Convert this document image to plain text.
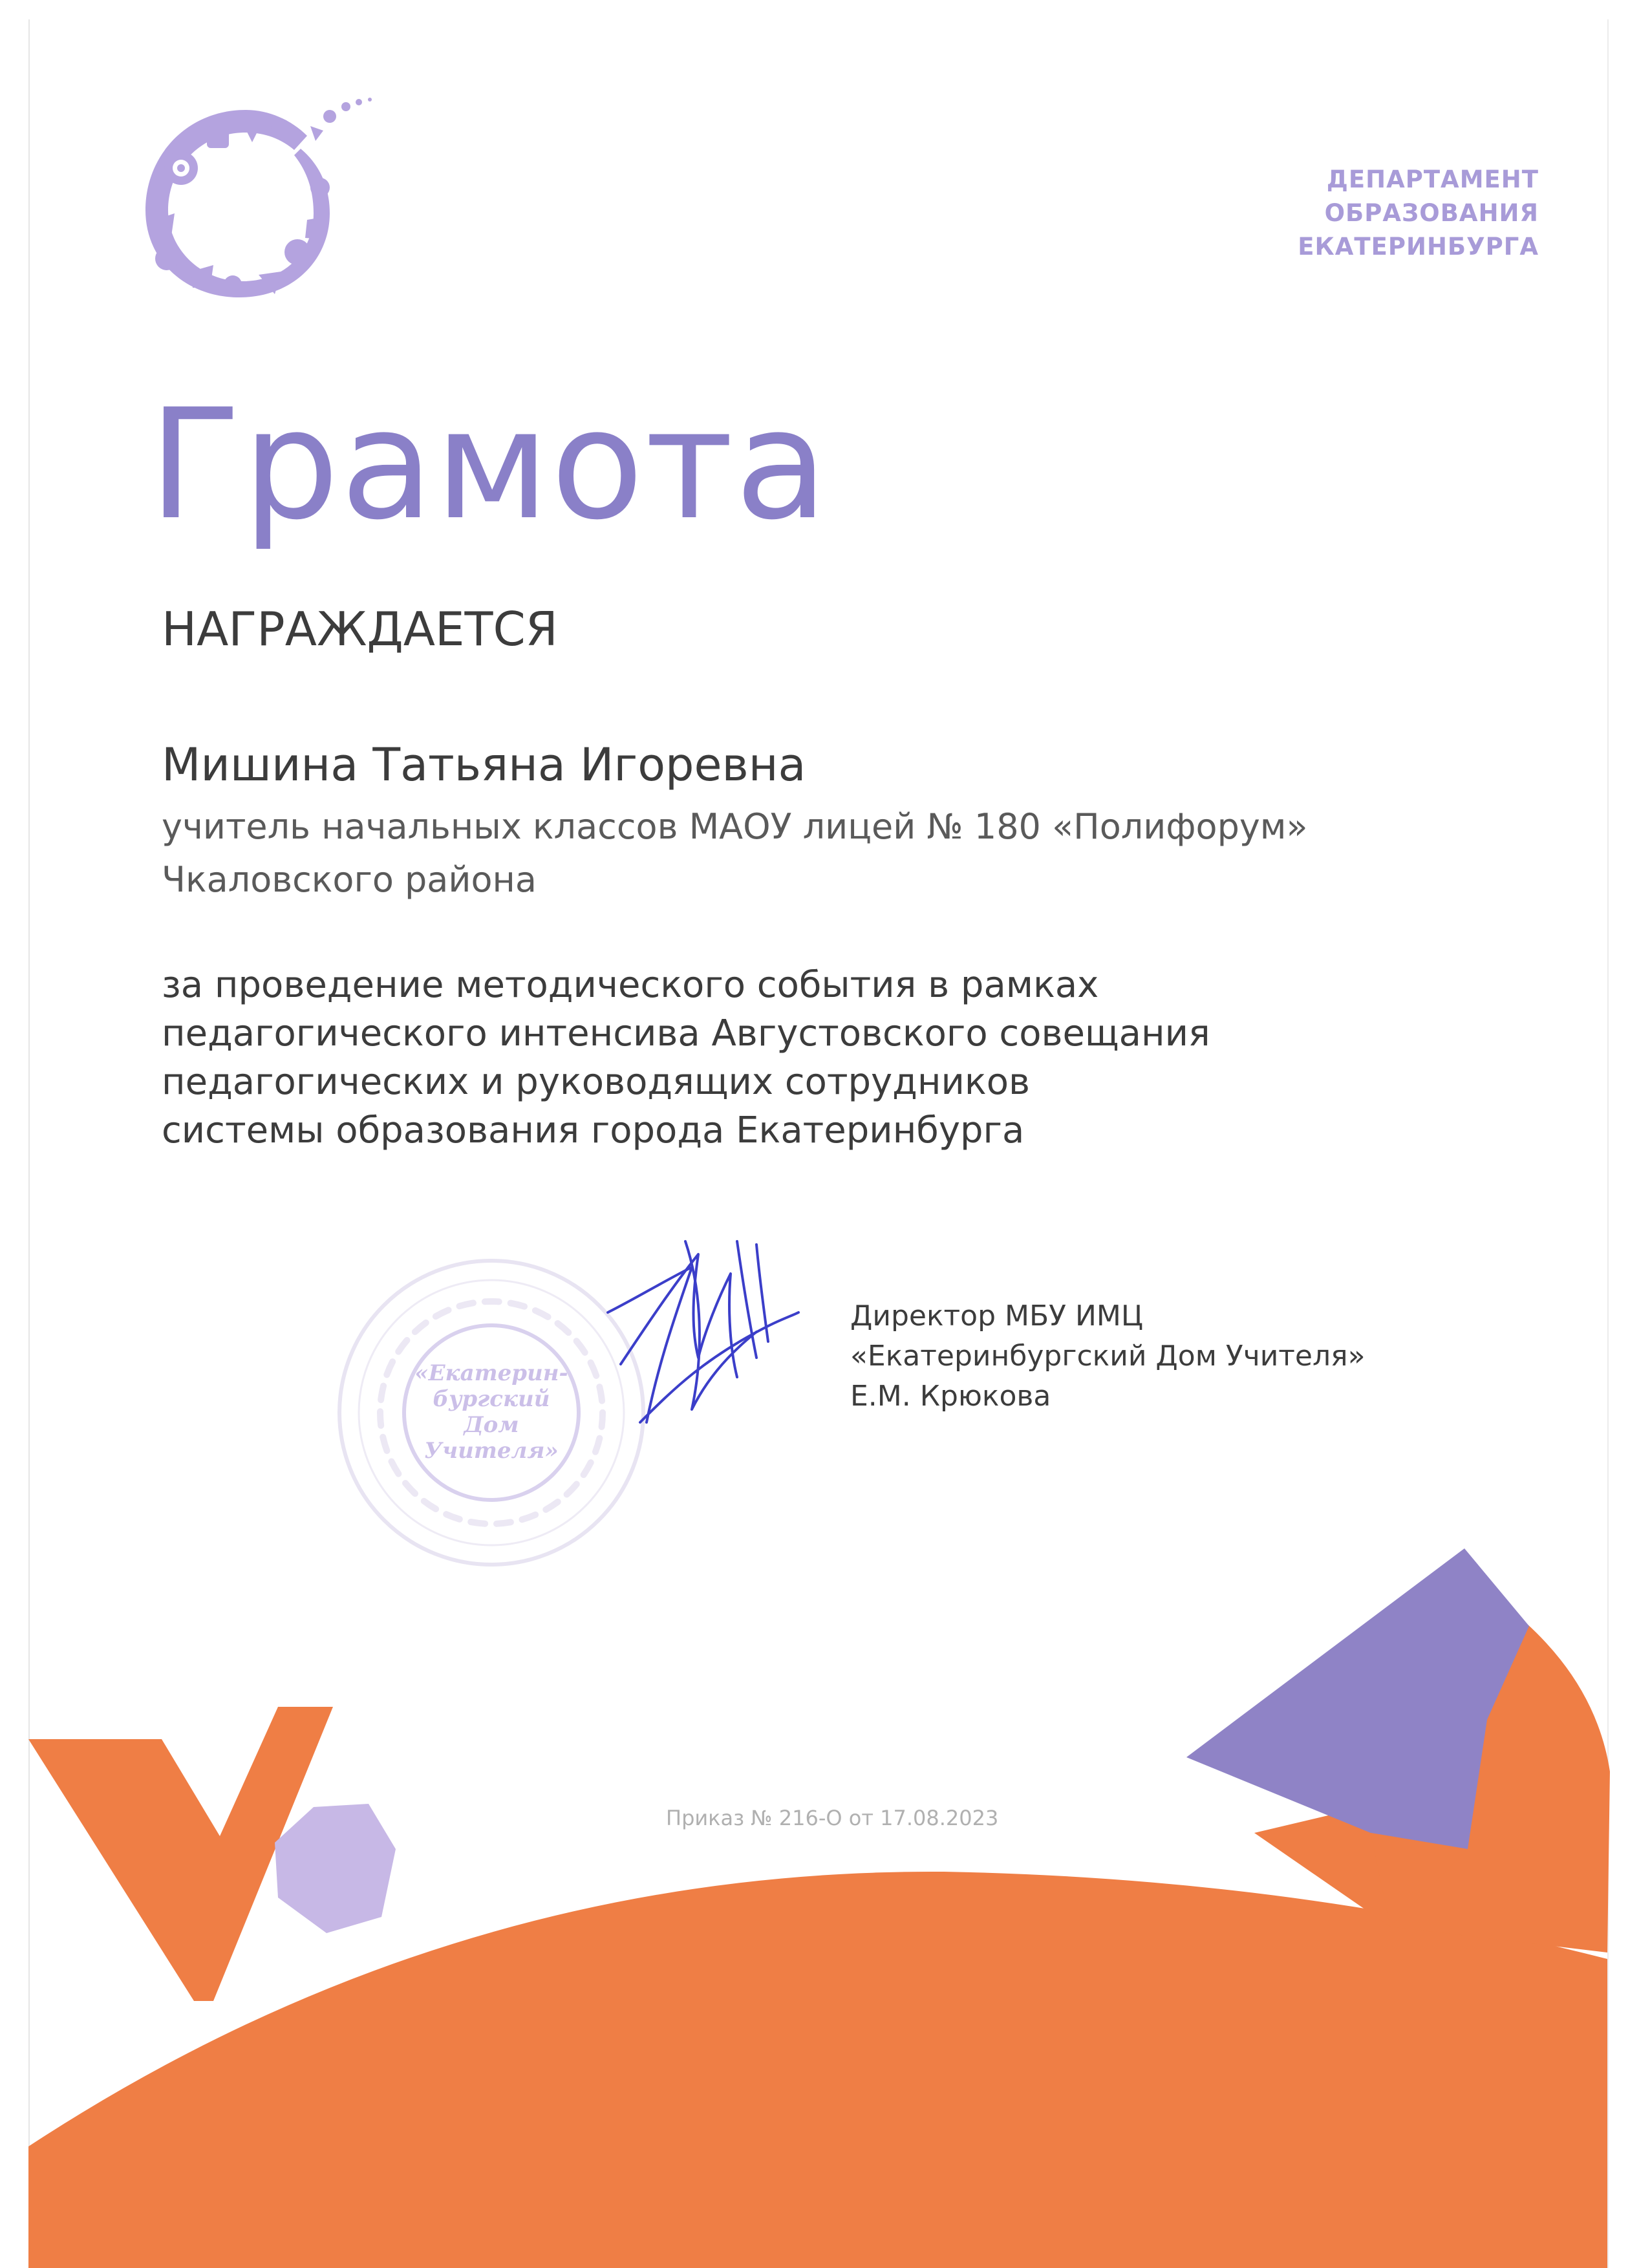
ДЕПАРТАМЕНТ
ОБРАЗОВАНИЯ
ЕКАТЕРИНБУРГА
Грамота
НАГРАЖДАЕТСЯ
Мишина Татьяна Игоревна
учитель начальных классов МАОУ лицей № 180 «Полифорум»
Чкаловского района
за проведение методического события в рамках
педагогического интенсива Августовского совещания
педагогических и руководящих сотрудников
системы образования города Екатеринбурга
«Екатерин-
бургский
Дом
Учителя»
Директор МБУ ИМЦ
«Екатеринбургский Дом Учителя»
Е.М. Крюкова
Приказ № 216-О от 17.08.2023
